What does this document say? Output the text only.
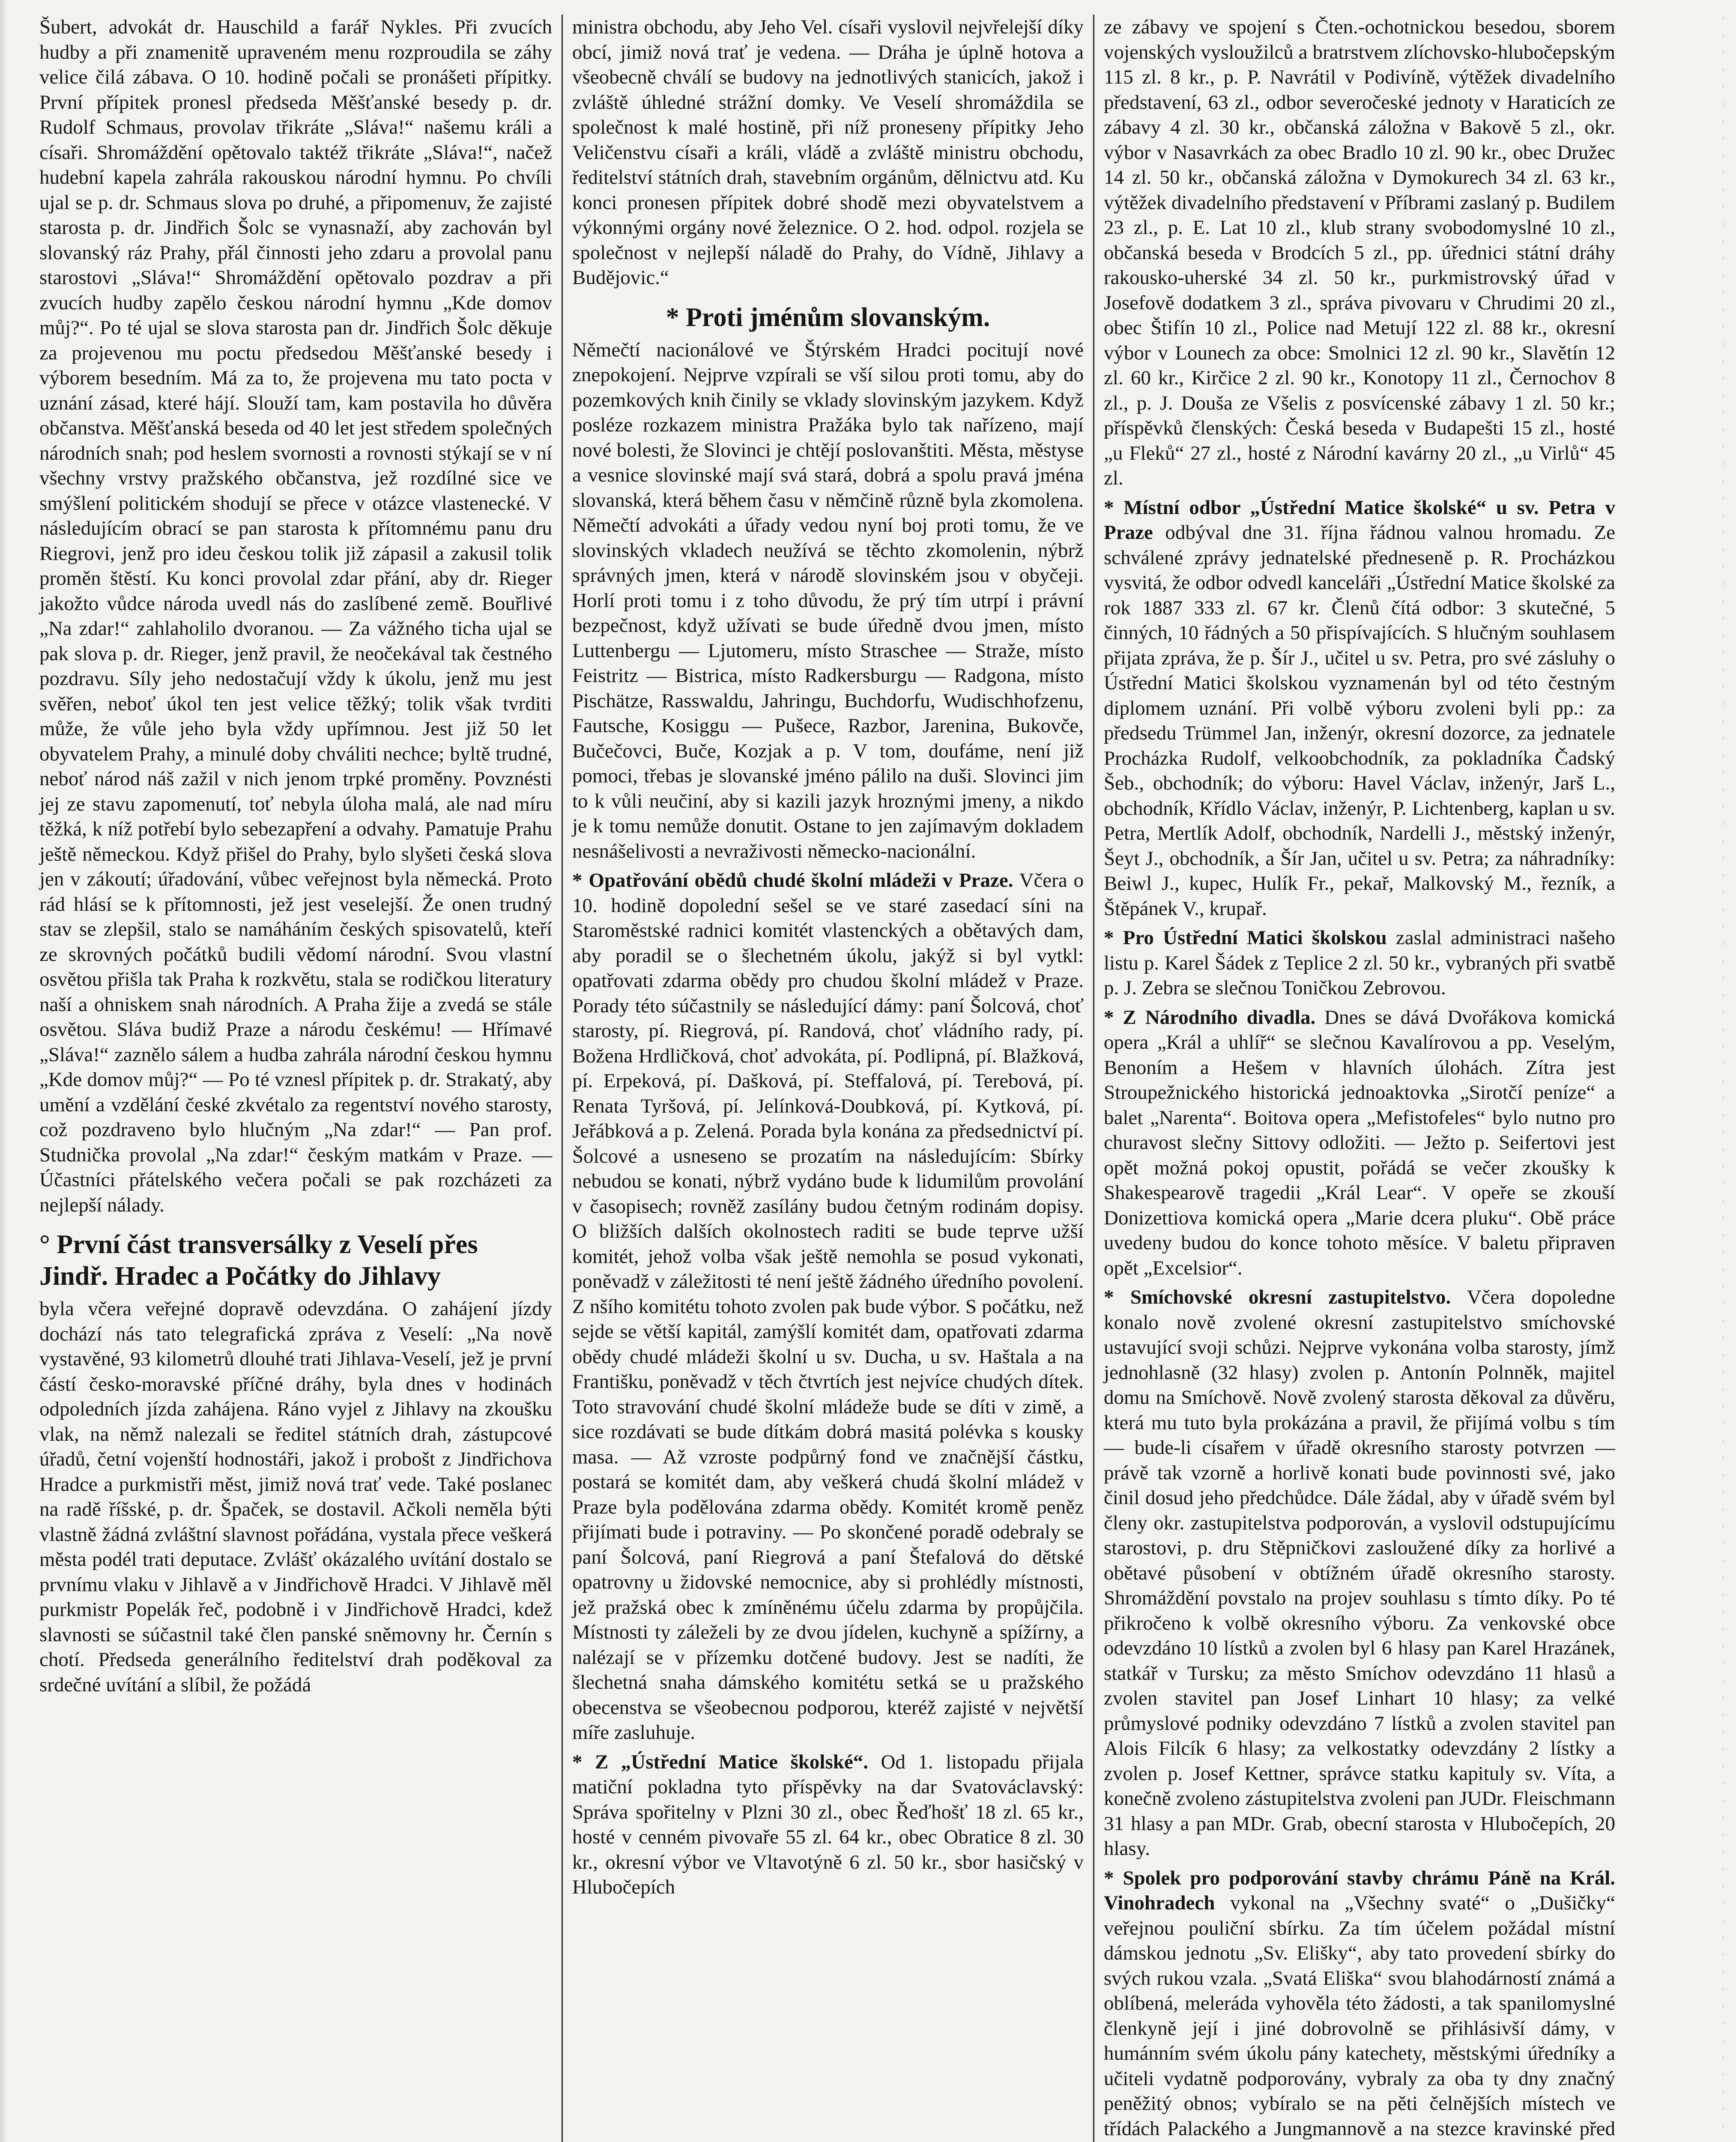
Šubert, advokát dr. Hauschild a farář Nykles. Při zvucích hudby a při znamenitě upraveném menu rozproudila se záhy velice čilá zábava. O 10. hodině počali se pronášeti přípitky. První přípitek pronesl předseda Měšťanské besedy p. dr. Rudolf Schmaus, provolav třikráte „Sláva!“ našemu králi a císaři. Shromáždění opětovalo taktéž třikráte „Sláva!“, načež hudební kapela zahrála rakouskou národní hymnu. Po chvíli ujal se p. dr. Schmaus slova po druhé, a připomenuv, že zajisté starosta p. dr. Jindřich Šolc se vynasnaží, aby zachován byl slovanský ráz Prahy, přál činnosti jeho zdaru a provolal panu starostovi „Sláva!“ Shromáždění opětovalo pozdrav a při zvucích hudby zapělo českou národní hymnu „Kde domov můj?“. Po té ujal se slova starosta pan dr. Jindřich Šolc děkuje za projevenou mu poctu předsedou Měšťanské besedy i výborem besedním. Má za to, že projevena mu tato pocta v uznání zásad, které hájí. Slouží tam, kam postavila ho důvěra občanstva. Měšťanská beseda od 40 let jest středem společných národních snah; pod heslem svornosti a rovnosti stýkají se v ní všechny vrstvy pražského občanstva, jež rozdílné sice ve smýšlení politickém shodují se přece v otázce vlastenecké. V následujícím obrací se pan starosta k přítomnému panu dru Riegrovi, jenž pro ideu českou tolik již zápasil a zakusil tolik proměn štěstí. Ku konci provolal zdar přání, aby dr. Rieger jakožto vůdce národa uvedl nás do zaslíbené země. Bouřlivé „Na zdar!“ zahlaholilo dvoranou. — Za vážného ticha ujal se pak slova p. dr. Rieger, jenž pravil, že neočekával tak čestného pozdravu. Síly jeho nedostačují vždy k úkolu, jenž mu jest svěřen, neboť úkol ten jest velice těžký; tolik však tvrditi může, že vůle jeho byla vždy upřímnou. Jest již 50 let obyvatelem Prahy, a minulé doby chváliti nechce; byltě trudné, neboť národ náš zažil v nich jenom trpké proměny. Povznésti jej ze stavu zapomenutí, toť nebyla úloha malá, ale nad míru těžká, k níž potřebí bylo sebezapření a odvahy. Pamatuje Prahu ještě německou. Když přišel do Prahy, bylo slyšeti česká slova jen v zákoutí; úřadování, vůbec veřejnost byla německá. Proto rád hlásí se k přítomnosti, jež jest veselejší. Že onen trudný stav se zlepšil, stalo se namáháním českých spisovatelů, kteří ze skrovných počátků budili vědomí národní. Svou vlastní osvětou přišla tak Praha k rozkvětu, stala se rodičkou literatury naší a ohniskem snah národních. A Praha žije a zvedá se stále osvětou. Sláva budiž Praze a národu českému! — Hřímavé „Sláva!“ zaznělo sálem a hudba zahrála národní českou hymnu „Kde domov můj?“ — Po té vznesl přípitek p. dr. Strakatý, aby umění a vzdělání české zkvétalo za regentství nového starosty, což pozdraveno bylo hlučným „Na zdar!“ — Pan prof. Studnička provolal „Na zdar!“ českým matkám v Praze. — Účastníci přátelského večera počali se pak rozcházeti za nejlepší nálady.

° První část transversálky z Veselí přes Jindř. Hradec a Počátky do Jihlavy

byla včera veřejné dopravě odevzdána. O zahájení jízdy dochází nás tato telegrafická zpráva z Veselí: „Na nově vystavěné, 93 kilometrů dlouhé trati Jihlava-Veselí, jež je první částí česko-moravské příčné dráhy, byla dnes v hodinách odpoledních jízda zahájena. Ráno vyjel z Jihlavy na zkoušku vlak, na němž nalezali se ředitel státních drah, zástupcové úřadů, četní vojenští hodnostáři, jakož i probošt z Jindřichova Hradce a purkmistři měst, jimiž nová trať vede. Také poslanec na radě říšské, p. dr. Špaček, se dostavil. Ačkoli neměla býti vlastně žádná zvláštní slavnost pořádána, vystala přece veškerá města podél trati deputace. Zvlášť okázalého uvítání dostalo se prvnímu vlaku v Jihlavě a v Jindřichově Hradci. V Jihlavě měl purkmistr Popelák řeč, podobně i v Jindřichově Hradci, kdež slavnosti se súčastnil také člen panské sněmovny hr. Černín s chotí. Předseda generálního ředitelství drah poděkoval za srdečné uvítání a slíbil, že požádá

ministra obchodu, aby Jeho Vel. císaři vyslovil nejvřelejší díky obcí, jimiž nová trať je vedena. — Dráha je úplně hotova a všeobecně chválí se budovy na jednotlivých stanicích, jakož i zvláště úhledné strážní domky. Ve Veselí shromáždila se společnost k malé hostině, při níž proneseny přípitky Jeho Veličenstvu císaři a králi, vládě a zvláště ministru obchodu, ředitelství státních drah, stavebním orgánům, dělnictvu atd. Ku konci pronesen přípitek dobré shodě mezi obyvatelstvem a výkonnými orgány nové železnice. O 2. hod. odpol. rozjela se společnost v nejlepší náladě do Prahy, do Vídně, Jihlavy a Budějovic.“

* Proti jménům slovanským.

Němečtí nacionálové ve Štýrském Hradci pocitují nové znepokojení. Nejprve vzpírali se vší silou proti tomu, aby do pozemkových knih činily se vklady slovinským jazykem. Když posléze rozkazem ministra Pražáka bylo tak nařízeno, mají nové bolesti, že Slovinci je chtějí poslovanštiti. Města, městyse a vesnice slovinské mají svá stará, dobrá a spolu pravá jména slovanská, která během času v němčině různě byla zkomolena. Němečtí advokáti a úřady vedou nyní boj proti tomu, že ve slovinských vkladech neužívá se těchto zkomolenin, nýbrž správných jmen, která v národě slovinském jsou v obyčeji. Horlí proti tomu i z toho důvodu, že prý tím utrpí i právní bezpečnost, když užívati se bude úředně dvou jmen, místo Luttenbergu — Ljutomeru, místo Straschee — Straže, místo Feistritz — Bistrica, místo Radkersburgu — Radgona, místo Pischätze, Rasswaldu, Jahringu, Buchdorfu, Wudischhofzenu, Fautsche, Kosiggu — Pušece, Razbor, Jarenina, Bukovče, Bučečovci, Buče, Kozjak a p. V tom, doufáme, není již pomoci, třebas je slovanské jméno pálilo na duši. Slovinci jim to k vůli neučiní, aby si kazili jazyk hroznými jmeny, a nikdo je k tomu nemůže donutit. Ostane to jen zajímavým dokladem nesnášelivosti a nevraživosti německo-nacionální.

* Opatřování obědů chudé školní mládeži v Praze. Včera o 10. hodině dopolední sešel se ve staré zasedací síni na Staroměstské radnici komitét vlastenckých a obětavých dam, aby poradil se o šlechetném úkolu, jakýž si byl vytkl: opatřovati zdarma obědy pro chudou školní mládež v Praze. Porady této súčastnily se následující dámy: paní Šolcová, choť starosty, pí. Riegrová, pí. Randová, choť vládního rady, pí. Božena Hrdličková, choť advokáta, pí. Podlipná, pí. Blažková, pí. Erpeková, pí. Dašková, pí. Steffalová, pí. Terebová, pí. Renata Tyršová, pí. Jelínková-Doubková, pí. Kytková, pí. Jeřábková a p. Zelená. Porada byla konána za předsednictví pí. Šolcové a usneseno se prozatím na následujícím: Sbírky nebudou se konati, nýbrž vydáno bude k lidumilům provolání v časopisech; rovněž zasílány budou četným rodinám dopisy. O bližších dalších okolnostech raditi se bude teprve užší komitét, jehož volba však ještě nemohla se posud vykonati, poněvadž v záležitosti té není ještě žádného úředního povolení. Z nšího komitétu tohoto zvolen pak bude výbor. S počátku, než sejde se větší kapitál, zamýšlí komitét dam, opatřovati zdarma obědy chudé mládeži školní u sv. Ducha, u sv. Haštala a na Františku, poněvadž v těch čtvrtích jest nejvíce chudých dítek. Toto stravování chudé školní mládeže bude se díti v zimě, a sice rozdávati se bude dítkám dobrá masitá polévka s kousky masa. — Až vzroste podpůrný fond ve značnější částku, postará se komitét dam, aby veškerá chudá školní mládež v Praze byla podělována zdarma obědy. Komitét kromě peněz přijímati bude i potraviny. — Po skončené poradě odebraly se paní Šolcová, paní Riegrová a paní Štefalová do dětské opatrovny u židovské nemocnice, aby si prohlédly místnosti, jež pražská obec k zmíněnému účelu zdarma by propůjčila. Místnosti ty záleželi by ze dvou jídelen, kuchyně a spížírny, a nalézají se v přízemku dotčené budovy. Jest se nadíti, že šlechetná snaha dámského komitétu setká se u pražského obecenstva se všeobecnou podporou, kteréž zajisté v největší míře zasluhuje.

* Z „Ústřední Matice školské“. Od 1. listopadu přijala matiční pokladna tyto příspěvky na dar Svatováclavský: Správa spořitelny v Plzni 30 zl., obec Řeďhošť 18 zl. 65 kr., hosté v cenném pivovaře 55 zl. 64 kr., obec Obratice 8 zl. 30 kr., okresní výbor ve Vltavotýně 6 zl. 50 kr., sbor hasičský v Hlubočepích

ze zábavy ve spojení s Čten.-ochotnickou besedou, sborem vojenských vysloužilců a bratrstvem zlíchovsko-hlubočepským 115 zl. 8 kr., p. P. Navrátil v Podivíně, výtěžek divadelního představení, 63 zl., odbor severočeské jednoty v Haraticích ze zábavy 4 zl. 30 kr., občanská záložna v Bakově 5 zl., okr. výbor v Nasavrkách za obec Bradlo 10 zl. 90 kr., obec Družec 14 zl. 50 kr., občanská záložna v Dymokurech 34 zl. 63 kr., výtěžek divadelního představení v Příbrami zaslaný p. Budilem 23 zl., p. E. Lat 10 zl., klub strany svobodomyslné 10 zl., občanská beseda v Brodcích 5 zl., pp. úřednici státní dráhy rakousko-uherské 34 zl. 50 kr., purkmistrovský úřad v Josefově dodatkem 3 zl., správa pivovaru v Chrudimi 20 zl., obec Štifín 10 zl., Police nad Metují 122 zl. 88 kr., okresní výbor v Lounech za obce: Smolnici 12 zl. 90 kr., Slavětín 12 zl. 60 kr., Kirčice 2 zl. 90 kr., Konotopy 11 zl., Černochov 8 zl., p. J. Douša ze Všelis z posvícenské zábavy 1 zl. 50 kr.; příspěvků členských: Česká beseda v Budapešti 15 zl., hosté „u Fleků“ 27 zl., hosté z Národní kavárny 20 zl., „u Virlů“ 45 zl.

* Místní odbor „Ústřední Matice školské“ u sv. Petra v Praze odbýval dne 31. října řádnou valnou hromadu. Ze schválené zprávy jednatelské předneseně p. R. Procházkou vysvitá, že odbor odvedl kanceláři „Ústřední Matice školské za rok 1887 333 zl. 67 kr. Členů čítá odbor: 3 skutečné, 5 činných, 10 řádných a 50 přispívajících. S hlučným souhlasem přijata zpráva, že p. Šír J., učitel u sv. Petra, pro své zásluhy o Ústřední Matici školskou vyznamenán byl od této čestným diplomem uznání. Při volbě výboru zvoleni byli pp.: za předsedu Trümmel Jan, inženýr, okresní dozorce, za jednatele Procházka Rudolf, velkoobchodník, za pokladníka Čadský Šeb., obchodník; do výboru: Havel Václav, inženýr, Jarš L., obchodník, Křídlo Václav, inženýr, P. Lichtenberg, kaplan u sv. Petra, Mertlík Adolf, obchodník, Nardelli J., městský inženýr, Šeyt J., obchodník, a Šír Jan, učitel u sv. Petra; za náhradníky: Beiwl J., kupec, Hulík Fr., pekař, Malkovský M., řezník, a Štěpánek V., krupař.

* Pro Ústřední Matici školskou zaslal administraci našeho listu p. Karel Šádek z Teplice 2 zl. 50 kr., vybraných při svatbě p. J. Zebra se slečnou Toničkou Zebrovou.

* Z Národního divadla. Dnes se dává Dvořákova komická opera „Král a uhlíř“ se slečnou Kavalírovou a pp. Veselým, Benoním a Hešem v hlavních úlohách. Zítra jest Stroupežnického historická jednoaktovka „Sirotčí peníze“ a balet „Narenta“. Boitova opera „Mefistofeles“ bylo nutno pro churavost slečny Sittovy odložiti. — Ježto p. Seifertovi jest opět možná pokoj opustit, pořádá se večer zkoušky k Shakespearově tragedii „Král Lear“. V opeře se zkouší Donizettiova komická opera „Marie dcera pluku“. Obě práce uvedeny budou do konce tohoto měsíce. V baletu připraven opět „Excelsior“.

* Smíchovské okresní zastupitelstvo. Včera dopoledne konalo nově zvolené okresní zastupitelstvo smíchovské ustavující svoji schůzi. Nejprve vykonána volba starosty, jímž jednohlasně (32 hlasy) zvolen p. Antonín Polnněk, majitel domu na Smíchově. Nově zvolený starosta děkoval za důvěru, která mu tuto byla prokázána a pravil, že přijímá volbu s tím — bude-li císařem v úřadě okresního starosty potvrzen — právě tak vzorně a horlivě konati bude povinnosti své, jako činil dosud jeho předchůdce. Dále žádal, aby v úřadě svém byl členy okr. zastupitelstva podporován, a vyslovil odstupujícímu starostovi, p. dru Stěpničkovi zasloužené díky za horlivé a obětavé působení v obtížném úřadě okresního starosty. Shromáždění povstalo na projev souhlasu s tímto díky. Po té přikročeno k volbě okresního výboru. Za venkovské obce odevzdáno 10 lístků a zvolen byl 6 hlasy pan Karel Hrazánek, statkář v Tursku; za město Smíchov odevzdáno 11 hlasů a zvolen stavitel pan Josef Linhart 10 hlasy; za velké průmyslové podniky odevzdáno 7 lístků a zvolen stavitel pan Alois Filcík 6 hlasy; za velkostatky odevzdány 2 lístky a zvolen p. Josef Kettner, správce statku kapituly sv. Víta, a konečně zvoleno zástupitelstva zvoleni pan JUDr. Fleischmann 31 hlasy a pan MDr. Grab, obecní starosta v Hlubočepích, 20 hlasy.

* Spolek pro podporování stavby chrámu Páně na Král. Vinohradech vykonal na „Všechny svaté“ o „Dušičky“ veřejnou pouliční sbírku. Za tím účelem požádal místní dámskou jednotu „Sv. Elišky“, aby tato provedení sbírky do svých rukou vzala. „Svatá Eliška“ svou blahodárností známá a oblíbená, meleráda vyhověla této žádosti, a tak spanilomyslné členkyně její i jiné dobrovolně se přihlásivší dámy, v humánním svém úkolu pány katechety, městskými úředníky a učiteli vydatně podporovány, vybraly za oba ty dny značný peněžitý obnos; vybíralo se na pěti čelnějších místech ve třídách Palackého a Jungmannově a na stezce kravinské před
